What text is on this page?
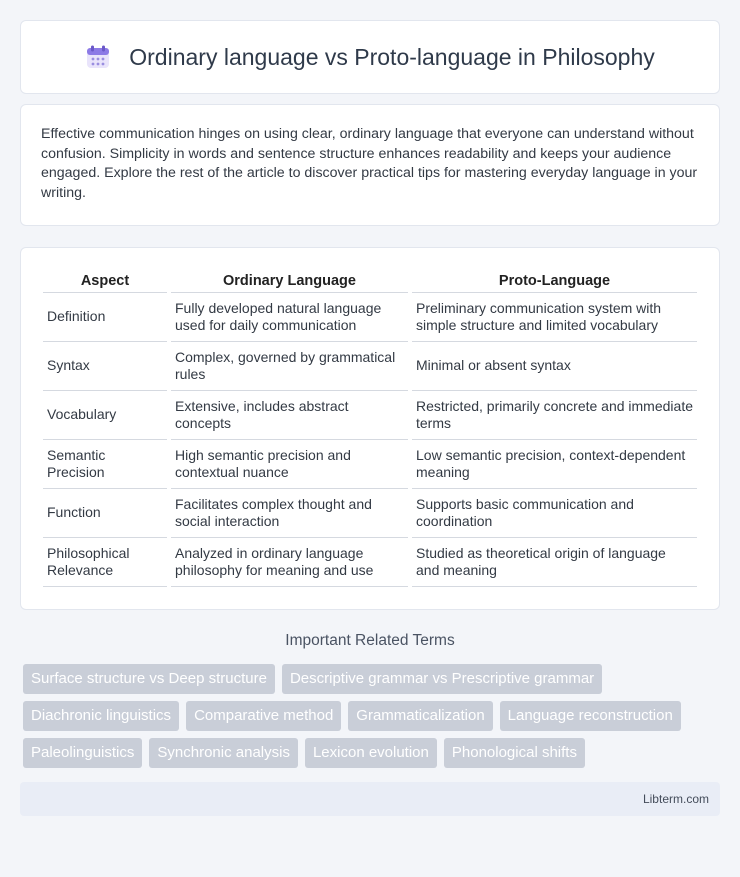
Ordinary language vs Proto-language in Philosophy

Effective communication hinges on using clear, ordinary language that everyone can understand without confusion. Simplicity in words and sentence structure enhances readability and keeps your audience engaged. Explore the rest of the article to discover practical tips for mastering everyday language in your writing.

Aspect	Ordinary Language	Proto-Language
Definition	Fully developed natural language used for daily communication	Preliminary communication system with simple structure and limited vocabulary
Syntax	Complex, governed by grammatical rules	Minimal or absent syntax
Vocabulary	Extensive, includes abstract concepts	Restricted, primarily concrete and immediate terms
Semantic Precision	High semantic precision and contextual nuance	Low semantic precision, context-dependent meaning
Function	Facilitates complex thought and social interaction	Supports basic communication and coordination
Philosophical Relevance	Analyzed in ordinary language philosophy for meaning and use	Studied as theoretical origin of language and meaning
Important Related Terms
Surface structure vs Deep structure	Descriptive grammar vs Prescriptive grammar
Diachronic linguistics	Comparative method	Grammaticalization	Language reconstruction
Paleolinguistics	Synchronic analysis	Lexicon evolution	Phonological shifts
Libterm.com
